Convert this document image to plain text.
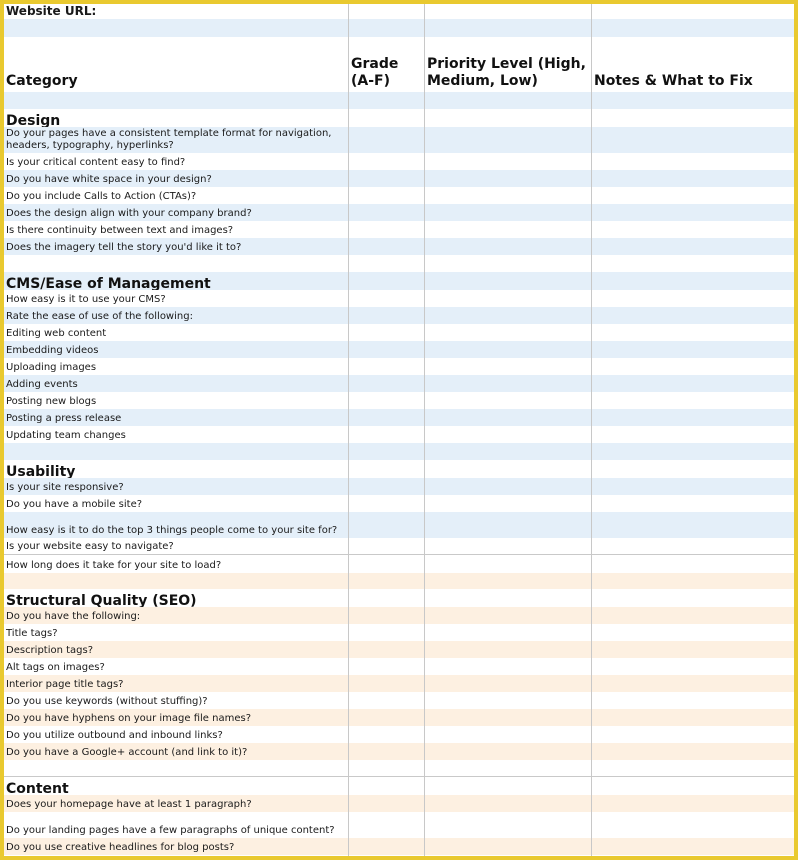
Website URL:
Category
Grade
(A-F)
Priority Level (High,
Medium, Low)	Notes & What to Fix
Design
Do your pages have a consistent template format for navigation, headers, typography, hyperlinks?
Is your critical content easy to find?
Do you have white space in your design?
Do you include Calls to Action (CTAs)?
Does the design align with your company brand?
Is there continuity between text and images?
Does the imagery tell the story you'd like it to?
CMS/Ease of Management
How easy is it to use your CMS?
Rate the ease of use of the following:
Editing web content
Embedding videos
Uploading images
Adding events
Posting new blogs
Posting a press release
Updating team changes
Usability
Is your site responsive?
Do you have a mobile site?
How easy is it to do the top 3 things people come to your site for?
Is your website easy to navigate?
How long does it take for your site to load?
Structural Quality (SEO)
Do you have the following:
Title tags?
Description tags?
Alt tags on images?
Interior page title tags?
Do you use keywords (without stuffing)?
Do you have hyphens on your image file names?
Do you utilize outbound and inbound links?
Do you have a Google+ account (and link to it)?
Content
Does your homepage have at least 1 paragraph?
Do your landing pages have a few paragraphs of unique content?
Do you use creative headlines for blog posts?
